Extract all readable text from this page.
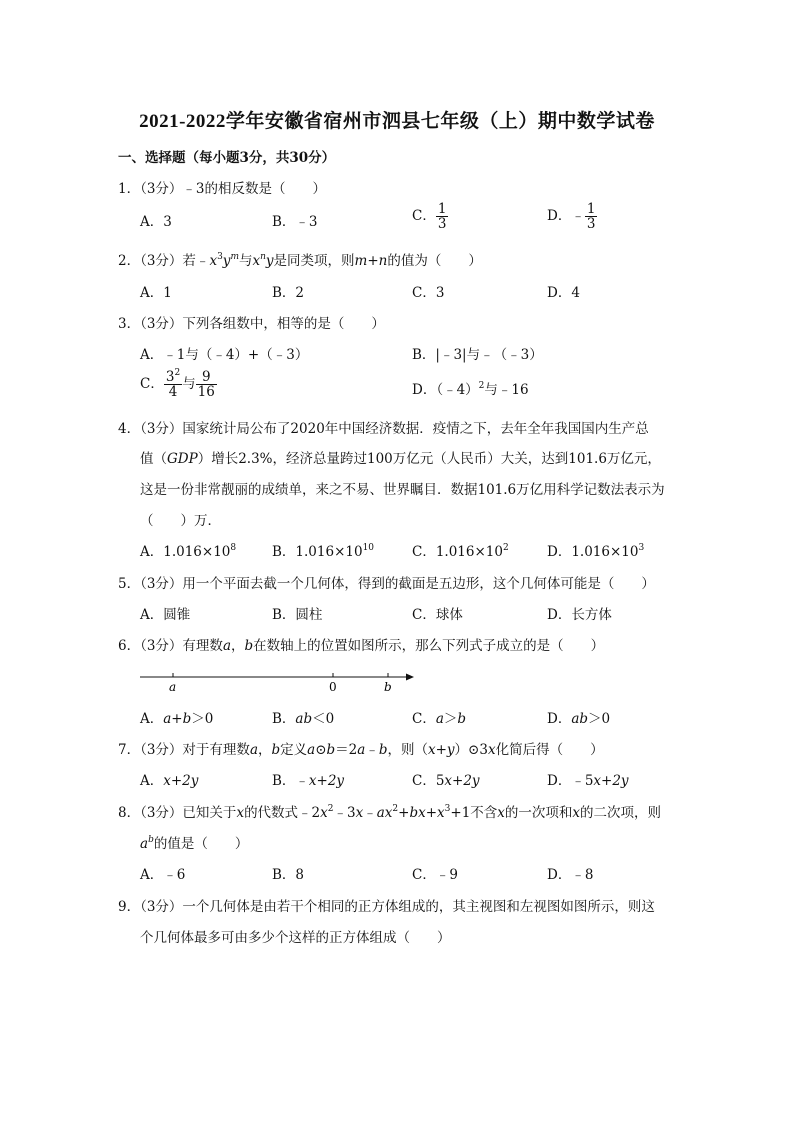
2021-2022学年安徽省宿州市泗县七年级（上）期中数学试卷
一、选择题（每小题3分，共30分）
1．（3分）﹣3的相反数是（　　）
A．3	B．﹣3	C． $\frac{1}{3}$	D．﹣ $\frac{1}{3}$
2．（3分）若$﹣x^3y^m$与$x^ny$是同类项，则m+n的值为（　　）
A．1	B．2	C．3	D．4
3．（3分）下列各组数中，相等的是（　　）
A．﹣1与（﹣4）+（﹣3）	B．|﹣3|与﹣（﹣3）
C． $\frac{3^2}{4}$ 与 $\frac{9}{16}$	D．（﹣4）$^2$与﹣16
4．（3分）国家统计局公布了2020年中国经济数据．疫情之下，去年全年我国国内生产总
值（GDP）增长2.3%，经济总量跨过100万亿元（人民币）大关，达到101.6万亿元，
这是一份非常靓丽的成绩单，来之不易、世界瞩目．数据101.6万亿用科学记数法表示为
（　　）万．
A．$1.016\times 10^8$	B．$1.016\times 10^{10}$	C．$1.016\times 10^2$	D．$1.016\times 10^3$
5．（3分）用一个平面去截一个几何体，得到的截面是五边形，这个几何体可能是（　　）
A．圆锥	B．圆柱	C．球体	D．长方体
6．（3分）有理数a，b在数轴上的位置如图所示，那么下列式子成立的是（　　）
a	0	b
A．a+b＞0	B．ab＜0	C．a＞b	D．ab＞0
7．（3分）对于有理数a，b定义a⊙b＝2a﹣b，则（x+y）⊙3x化简后得（　　）
A．x+2y	B．﹣x+2y	C．5x+2y	D．﹣5x+2y
8．（3分）已知关于x的代数式$﹣2x^2﹣3x﹣ax^2+bx+x^3+1$不含x的一次项和x的二次项，则
$a^b$的值是（　　）
A．﹣6	B．8	C．﹣9	D．﹣8
9．（3分）一个几何体是由若干个相同的正方体组成的，其主视图和左视图如图所示，则这
个几何体最多可由多少个这样的正方体组成（　　）
